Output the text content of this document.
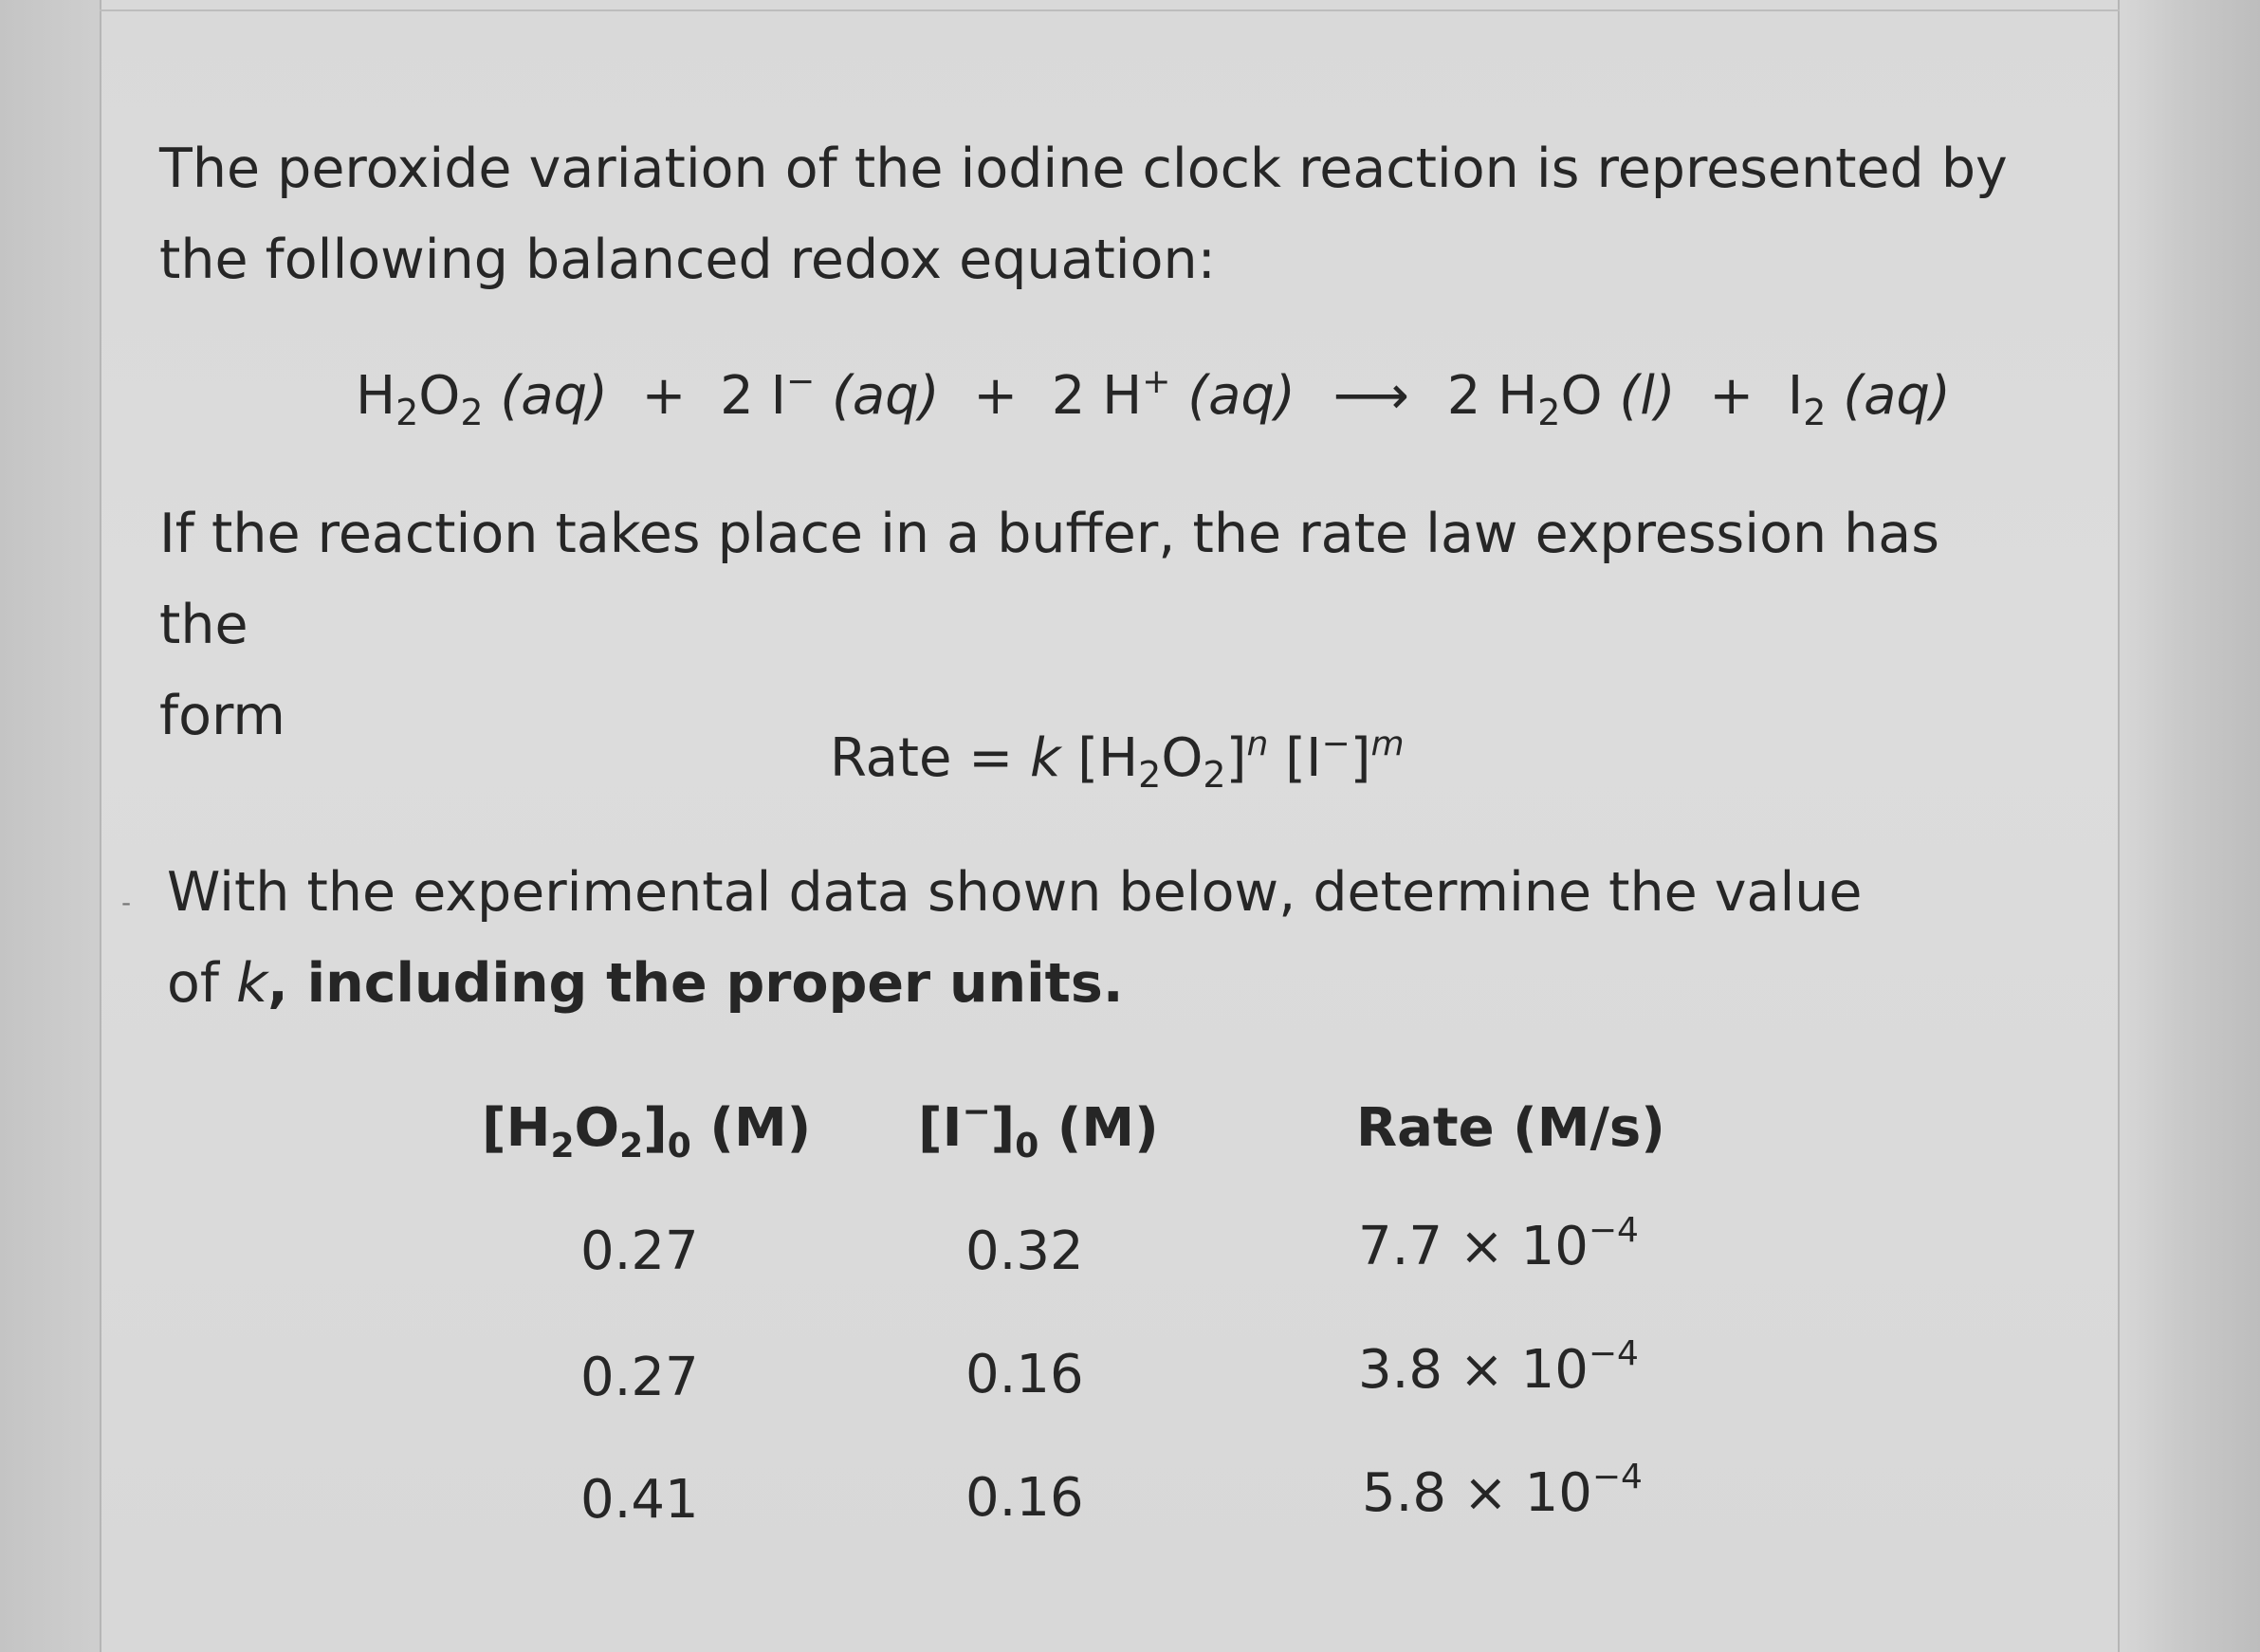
The peroxide variation of the iodine clock reaction is represented by
the following balanced redox equation:

$H_2O_2$ (aq) + 2 I− (aq) + 2 H+ (aq) ⟶ 2 $H_2O$ $(l) + I_2$ (aq)

If the reaction takes place in a buffer, the rate law expression has the
form

Rate = k $[H_2O_2]^n$ $[I^-]^m$
- With the experimental data shown below, determine the value
of k, including the proper units.

$[H_2O_2]_0$ (M) $[I^-]_0$ (M)	Rate (M/s)
0.27	0.32	$7.7 \times 10^{-4}$
0.27	0.16	$3.8 \times 10^{-4}$
0.41	0.16	$5.8 \times 10^{-4}$
